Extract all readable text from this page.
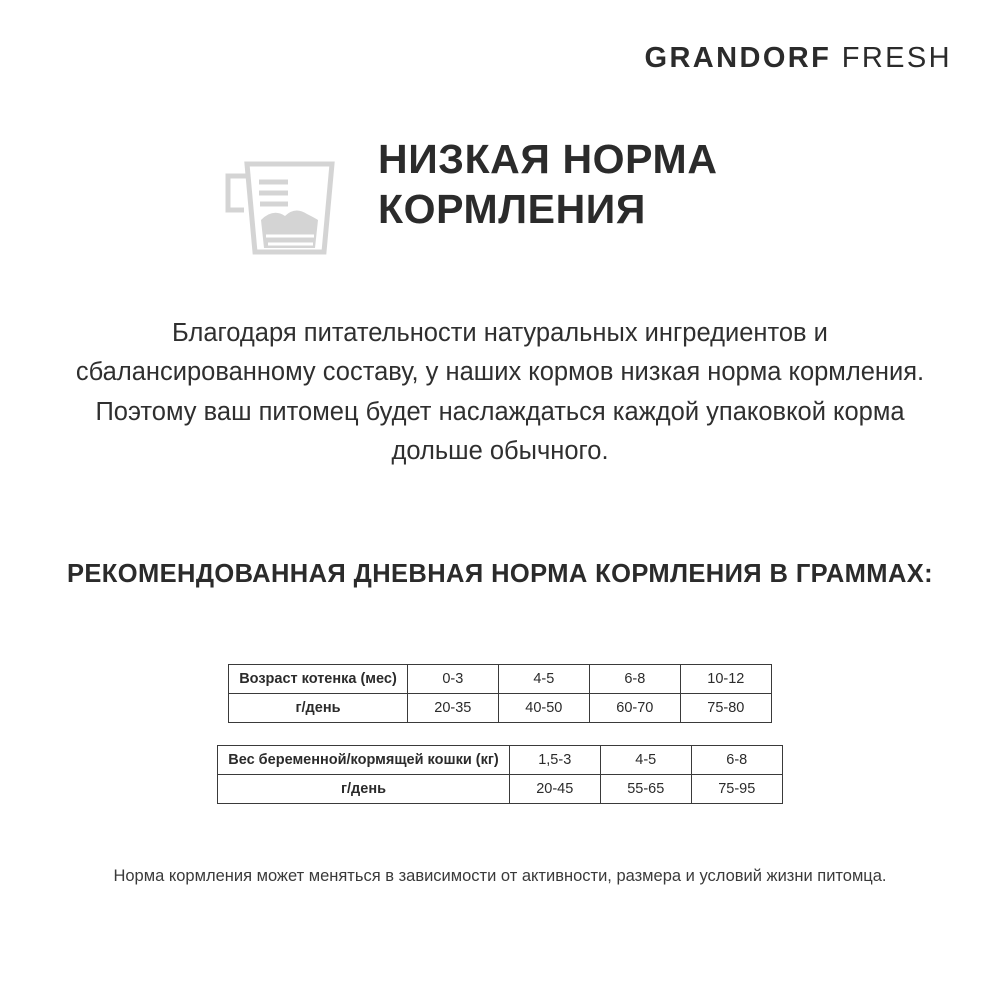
GRANDORF FRESH
НИЗКАЯ НОРМА КОРМЛЕНИЯ

Благодаря питательности натуральных ингредиентов и сбалансированному составу, у наших кормов низкая норма кормления. Поэтому ваш питомец будет наслаждаться каждой упаковкой корма дольше обычного.

РЕКОМЕНДОВАННАЯ ДНЕВНАЯ НОРМА КОРМЛЕНИЯ В ГРАММАХ:
Возраст котенка (мес)	0-3	4-5	6-8	10-12
г/день	20-35	40-50	60-70	75-80
Вес беременной/кормящей кошки (кг)	1,5-3	4-5	6-8
г/день	20-45	55-65	75-95

Норма кормления может меняться в зависимости от активности, размера и условий жизни питомца.
